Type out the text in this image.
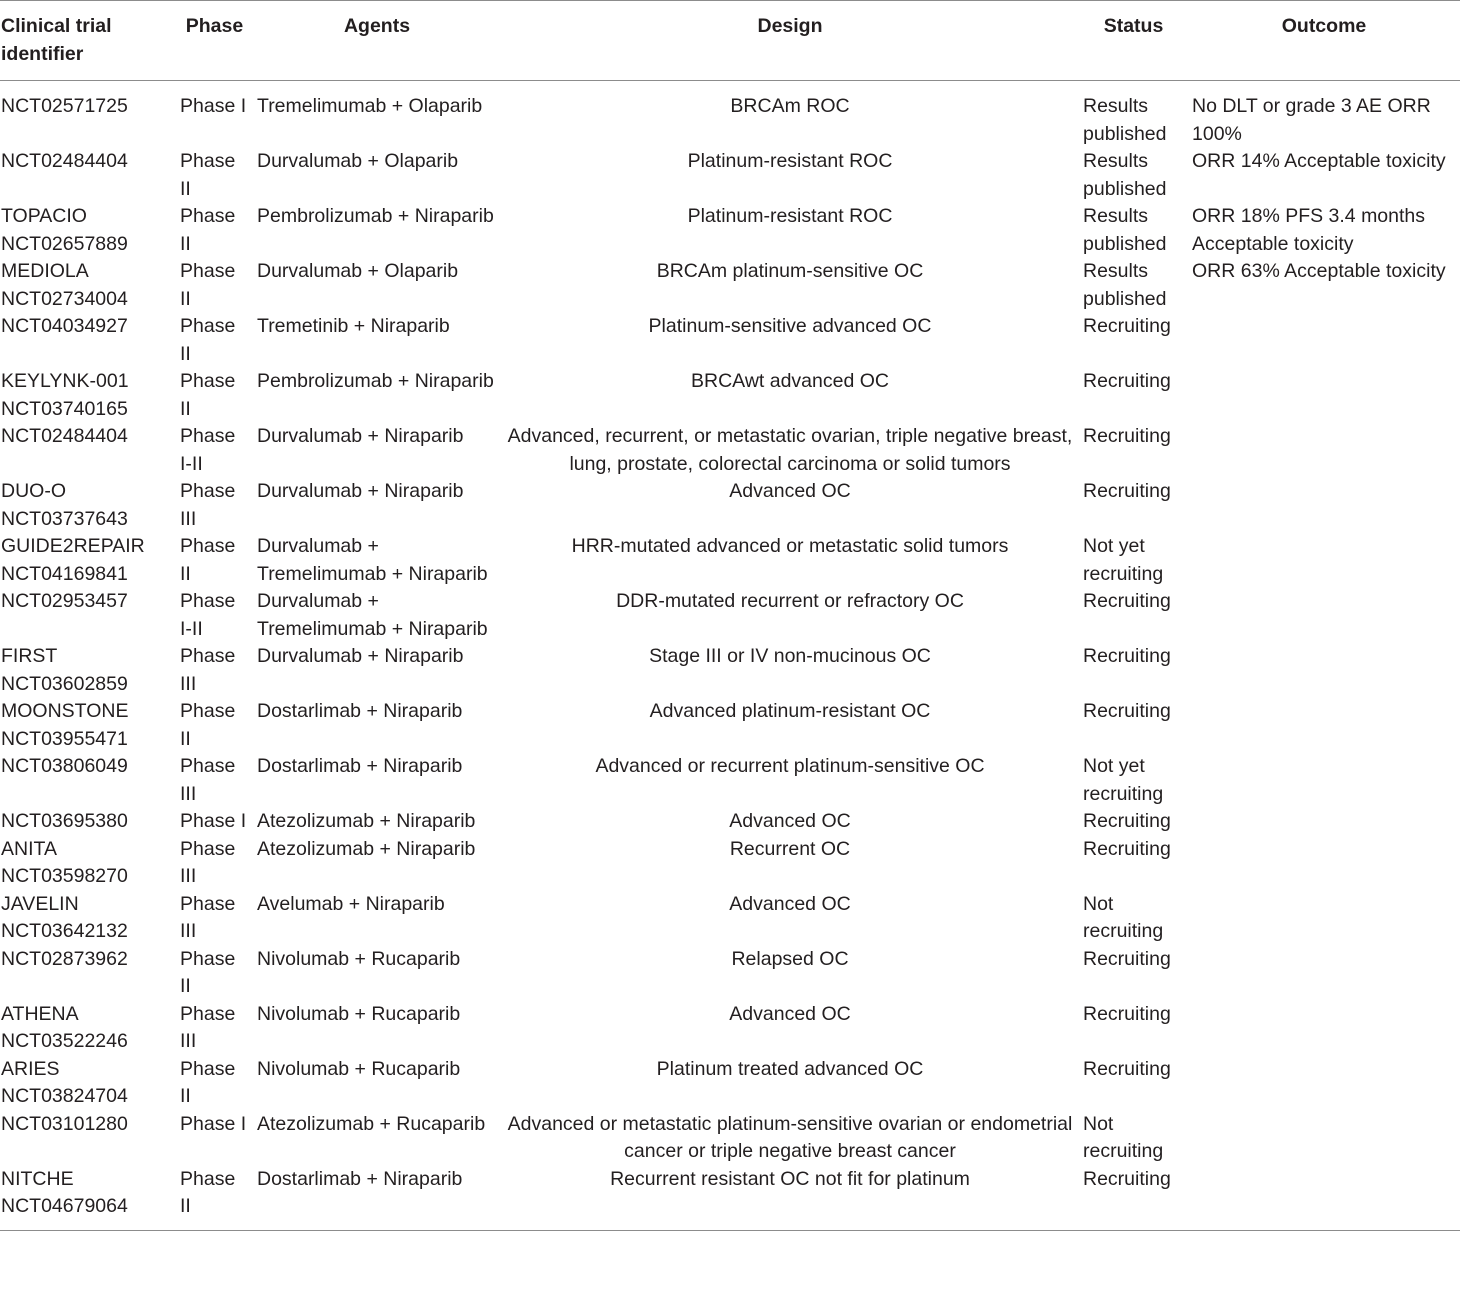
Clinical trial identifier	Phase	Agents	Design	Status	Outcome
NCT02571725	Phase I	Tremelimumab + Olaparib	BRCAm ROC	Results published	No DLT or grade 3 AE ORR 100%
NCT02484404	Phase II	Durvalumab + Olaparib	Platinum-resistant ROC	Results published	ORR 14% Acceptable toxicity
TOPACIO NCT02657889	Phase II	Pembrolizumab + Niraparib	Platinum-resistant ROC	Results published	ORR 18% PFS 3.4 months Acceptable toxicity
MEDIOLA NCT02734004	Phase II	Durvalumab + Olaparib	BRCAm platinum-sensitive OC	Results published	ORR 63% Acceptable toxicity
NCT04034927	Phase II	Tremetinib + Niraparib	Platinum-sensitive advanced OC	Recruiting	
KEYLYNK-001 NCT03740165	Phase II	Pembrolizumab + Niraparib	BRCAwt advanced OC	Recruiting	
NCT02484404	Phase I-II	Durvalumab + Niraparib	Advanced, recurrent, or metastatic ovarian, triple negative breast, lung, prostate, colorectal carcinoma or solid tumors	Recruiting	
DUO-O NCT03737643	Phase III	Durvalumab + Niraparib	Advanced OC	Recruiting	
GUIDE2REPAIR NCT04169841	Phase II	Durvalumab + Tremelimumab + Niraparib	HRR-mutated advanced or metastatic solid tumors	Not yet recruiting	
NCT02953457	Phase I-II	Durvalumab + Tremelimumab + Niraparib	DDR-mutated recurrent or refractory OC	Recruiting	
FIRST NCT03602859	Phase III	Durvalumab + Niraparib	Stage III or IV non-mucinous OC	Recruiting	
MOONSTONE NCT03955471	Phase II	Dostarlimab + Niraparib	Advanced platinum-resistant OC	Recruiting	
NCT03806049	Phase III	Dostarlimab + Niraparib	Advanced or recurrent platinum-sensitive OC	Not yet recruiting	
NCT03695380	Phase I	Atezolizumab + Niraparib	Advanced OC	Recruiting	
ANITA NCT03598270	Phase III	Atezolizumab + Niraparib	Recurrent OC	Recruiting	
JAVELIN NCT03642132	Phase III	Avelumab + Niraparib	Advanced OC	Not recruiting	
NCT02873962	Phase II	Nivolumab + Rucaparib	Relapsed OC	Recruiting	
ATHENA NCT03522246	Phase III	Nivolumab + Rucaparib	Advanced OC	Recruiting	
ARIES NCT03824704	Phase II	Nivolumab + Rucaparib	Platinum treated advanced OC	Recruiting	
NCT03101280	Phase I	Atezolizumab + Rucaparib	Advanced or metastatic platinum-sensitive ovarian or endometrial cancer or triple negative breast cancer	Not recruiting	
NITCHE NCT04679064	Phase II	Dostarlimab + Niraparib	Recurrent resistant OC not fit for platinum	Recruiting	
